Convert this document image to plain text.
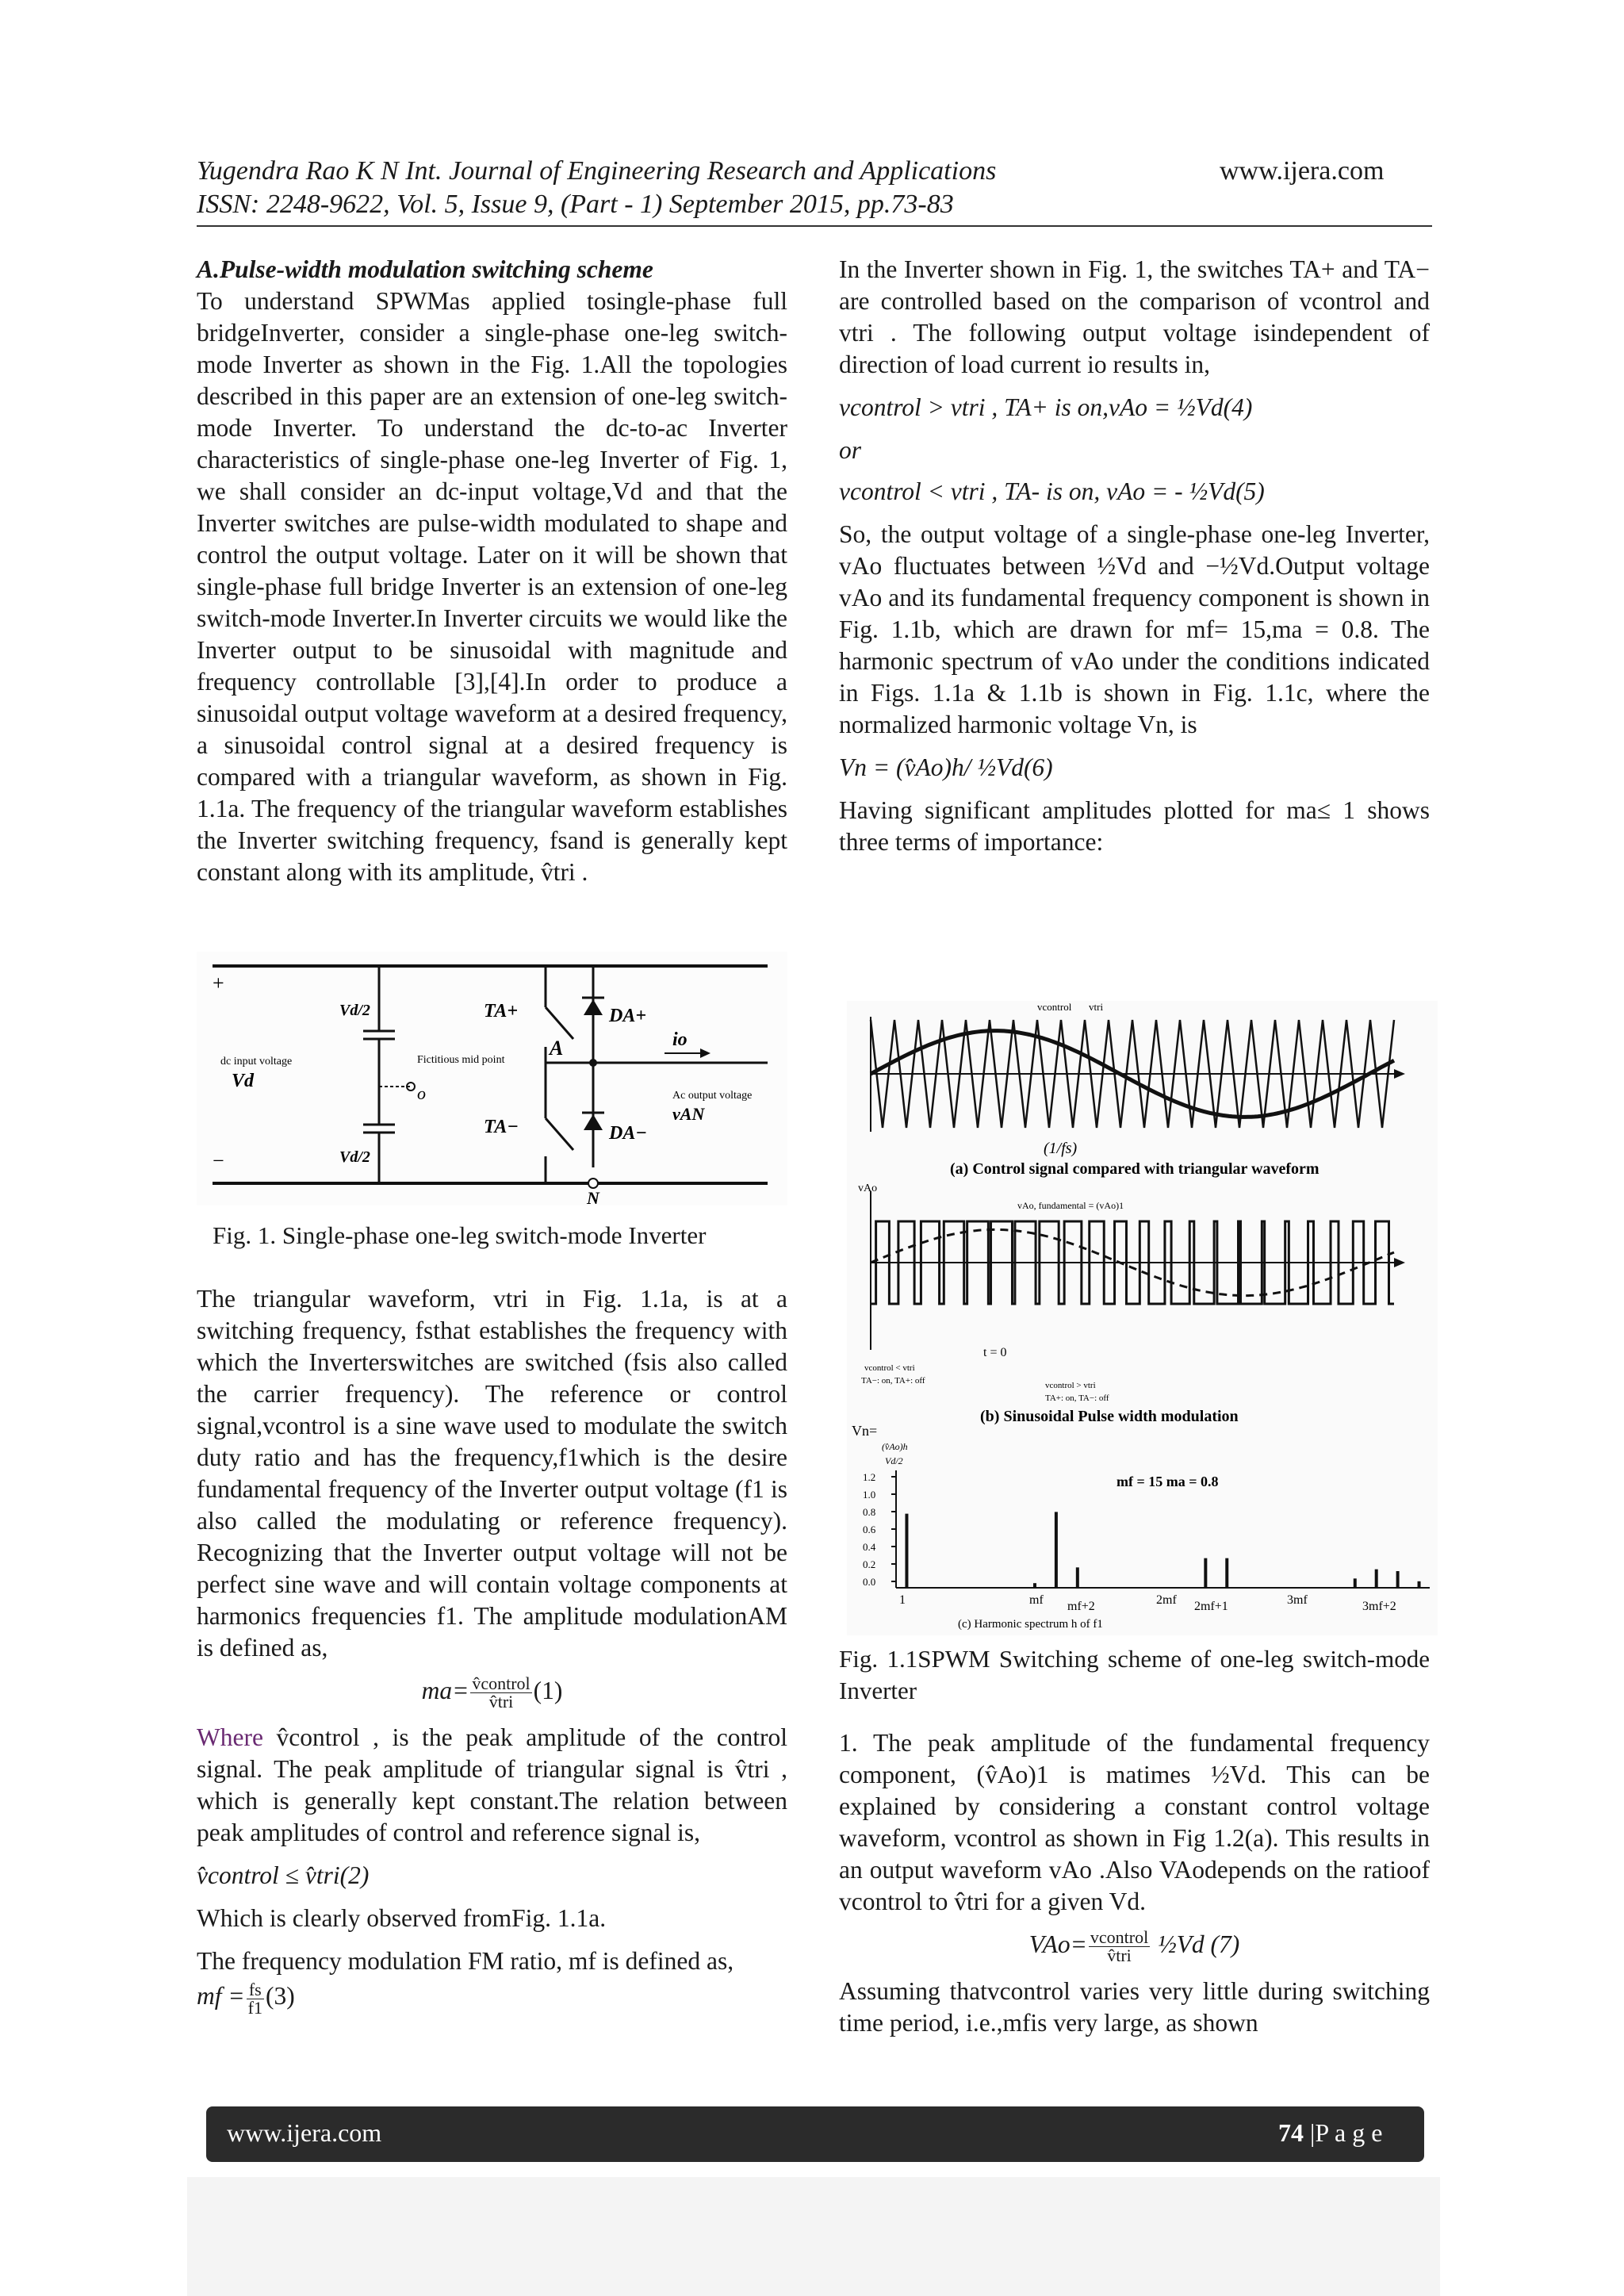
Yugendra Rao K N Int. Journal of Engineering Research and Applications	www.ijera.com
ISSN: 2248-9622, Vol. 5, Issue 9, (Part - 1) September 2015, pp.73-83

A.Pulse-width modulation switching scheme

To understand SPWMas applied tosingle-phase full bridgeInverter, consider a single-phase one-leg switch-mode Inverter as shown in the Fig. 1.All the topologies described in this paper are an extension of one-leg switch-mode Inverter. To understand the dc-to-ac Inverter characteristics of single-phase one-leg Inverter of Fig. 1, we shall consider an dc-input voltage,Vd and that the Inverter switches are pulse-width modulated to shape and control the output voltage. Later on it will be shown that single-phase full bridge Inverter is an extension of one-leg switch-mode Inverter.In Inverter circuits we would like the Inverter output to be sinusoidal with magnitude and frequency controllable [3],[4].In order to produce a sinusoidal output voltage waveform at a desired frequency, a sinusoidal control signal at a desired frequency is compared with a triangular waveform, as shown in Fig. 1.1a. The frequency of the triangular waveform establishes the Inverter switching frequency, fsand is generally kept constant along with its amplitude, v̂tri .

+
−
dc input voltage
Vd
Vd/2
Vd/2
Fictitious mid point
o
TA+	DA+
A	io
TA−	DA−
Ac output voltage
vAN
N
Fig. 1. Single-phase one-leg switch-mode Inverter

The triangular waveform, vtri in Fig. 1.1a, is at a switching frequency, fsthat establishes the frequency with which the Inverterswitches are switched (fsis also called the carrier frequency). The reference or control signal,vcontrol is a sine wave used to modulate the switch duty ratio and has the frequency,f1which is the desire fundamental frequency of the Inverter output voltage (f1 is also called the modulating or reference frequency). Recognizing that the Inverter output voltage will not be perfect sine wave and will contain voltage components at harmonics frequencies f1. The amplitude modulationAM is defined as,

$ma= \frac{\text{v̂control}}{\text{v̂tri}} (1)$

Where v̂control , is the peak amplitude of the control signal. The peak amplitude of triangular signal is v̂tri , which is generally kept constant.The relation between peak amplitudes of control and reference signal is,

v̂control ≤ v̂tri(2)

Which is clearly observed fromFig. 1.1a.

The frequency modulation FM ratio, mf is defined as,

mf = $\frac{fs}{f1} (3)$

In the Inverter shown in Fig. 1, the switches TA+ and TA− are controlled based on the comparison of vcontrol and vtri . The following output voltage isindependent of direction of load current io results in,

vcontrol > vtri , TA+ is on,vAo = ½Vd(4)
or
vcontrol < vtri , TA- is on, vAo = - ½Vd(5)

So, the output voltage of a single-phase one-leg Inverter, vAo fluctuates between ½Vd and −½Vd.Output voltage vAo and its fundamental frequency component is shown in Fig. 1.1b, which are drawn for mf= 15,ma = 0.8. The harmonic spectrum of vAo under the conditions indicated in Figs. 1.1a & 1.1b is shown in Fig. 1.1c, where the normalized harmonic voltage Vn, is

Vn = (v̂Ao)h/ ½Vd(6)

Having significant amplitudes plotted for ma≤ 1 shows three terms of importance:

vcontrol vtri
(1/fs)
(a) Control signal compared with triangular waveform
vAo
vAo, fundamental = (vAo)1
t = 0
vcontrol < vtri
TA−: on, TA+: off	vcontrol > vtri
TA+: on, TA−: off
(b) Sinusoidal Pulse width modulation
Vn=
(v̂Ao)h
Vd/2
1.2
1.0
0.8
0.6
0.4
0.2
0.0
mf = 15 ma = 0.8
1	mf mf+2	2mf 2mf+1	3mf	3mf+2
(c) Harmonic spectrum h of f1

Fig. 1.1SPWM Switching scheme of one-leg switch-mode Inverter

1. The peak amplitude of the fundamental frequency component, (v̂Ao)1 is matimes ½Vd. This can be explained by considering a constant control voltage waveform, vcontrol as shown in Fig 1.2(a). This results in an output waveform vAo .Also VAodepends on the ratioof vcontrol to v̂tri for a given Vd.

$VAo= \frac{\text{vcontrol}}{\text{v̂tri}}$ ½Vd (7)

Assuming thatvcontrol varies very little during switching time period, i.e.,mfis very large, as shown

www.ijera.com	74 |P a g e
